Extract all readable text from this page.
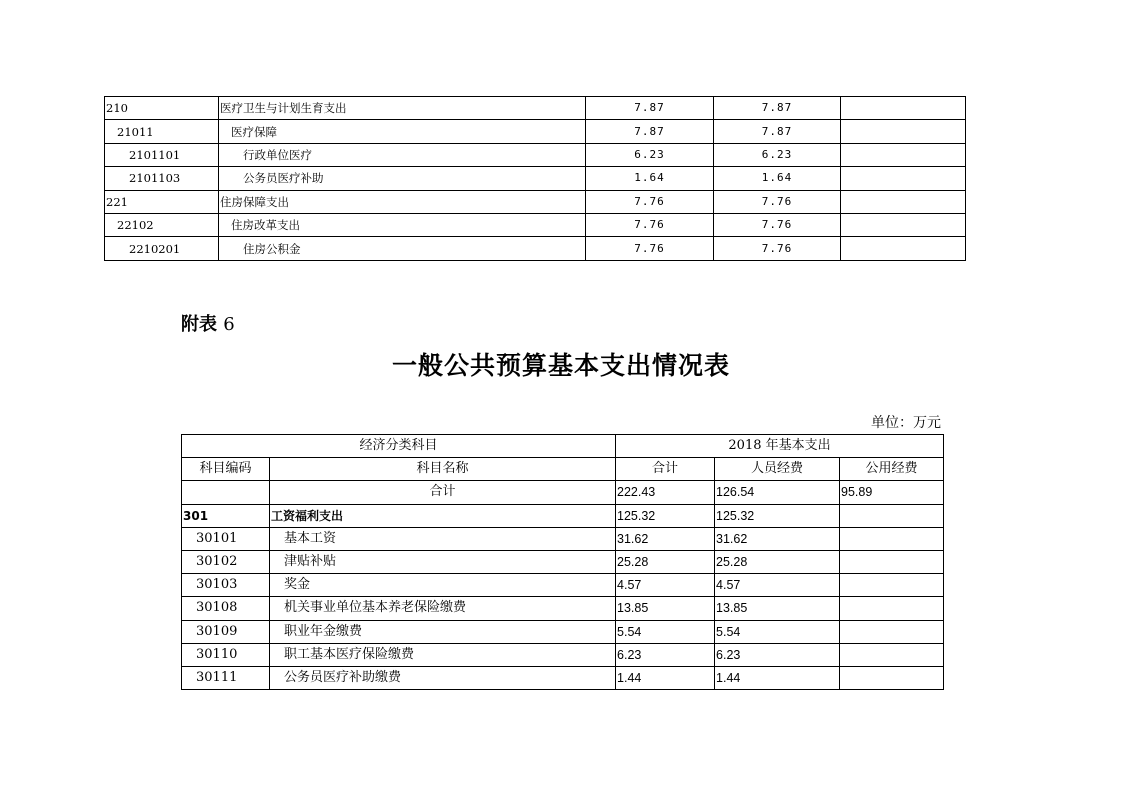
210	医疗卫生与计划生育支出	7.87	7.87	
21011	医疗保障	7.87	7.87	
2101101	行政单位医疗	6.23	6.23	
2101103	公务员医疗补助	1.64	1.64	
221	住房保障支出	7.76	7.76	
22102	住房改革支出	7.76	7.76	
2210201	住房公积金	7.76	7.76	
附表 6
一般公共预算基本支出情况表
单位：万元
经济分类科目		2018 年基本支出		
科目编码	科目名称	合计	人员经费	公用经费
	合计	222.43	126.54	95.89
301	工资福利支出	125.32	125.32	
30101	基本工资	31.62	31.62	
30102	津贴补贴	25.28	25.28	
30103	奖金	4.57	4.57	
30108	机关事业单位基本养老保险缴费	13.85	13.85	
30109	职业年金缴费	5.54	5.54	
30110	职工基本医疗保险缴费	6.23	6.23	
30111	公务员医疗补助缴费	1.44	1.44	
